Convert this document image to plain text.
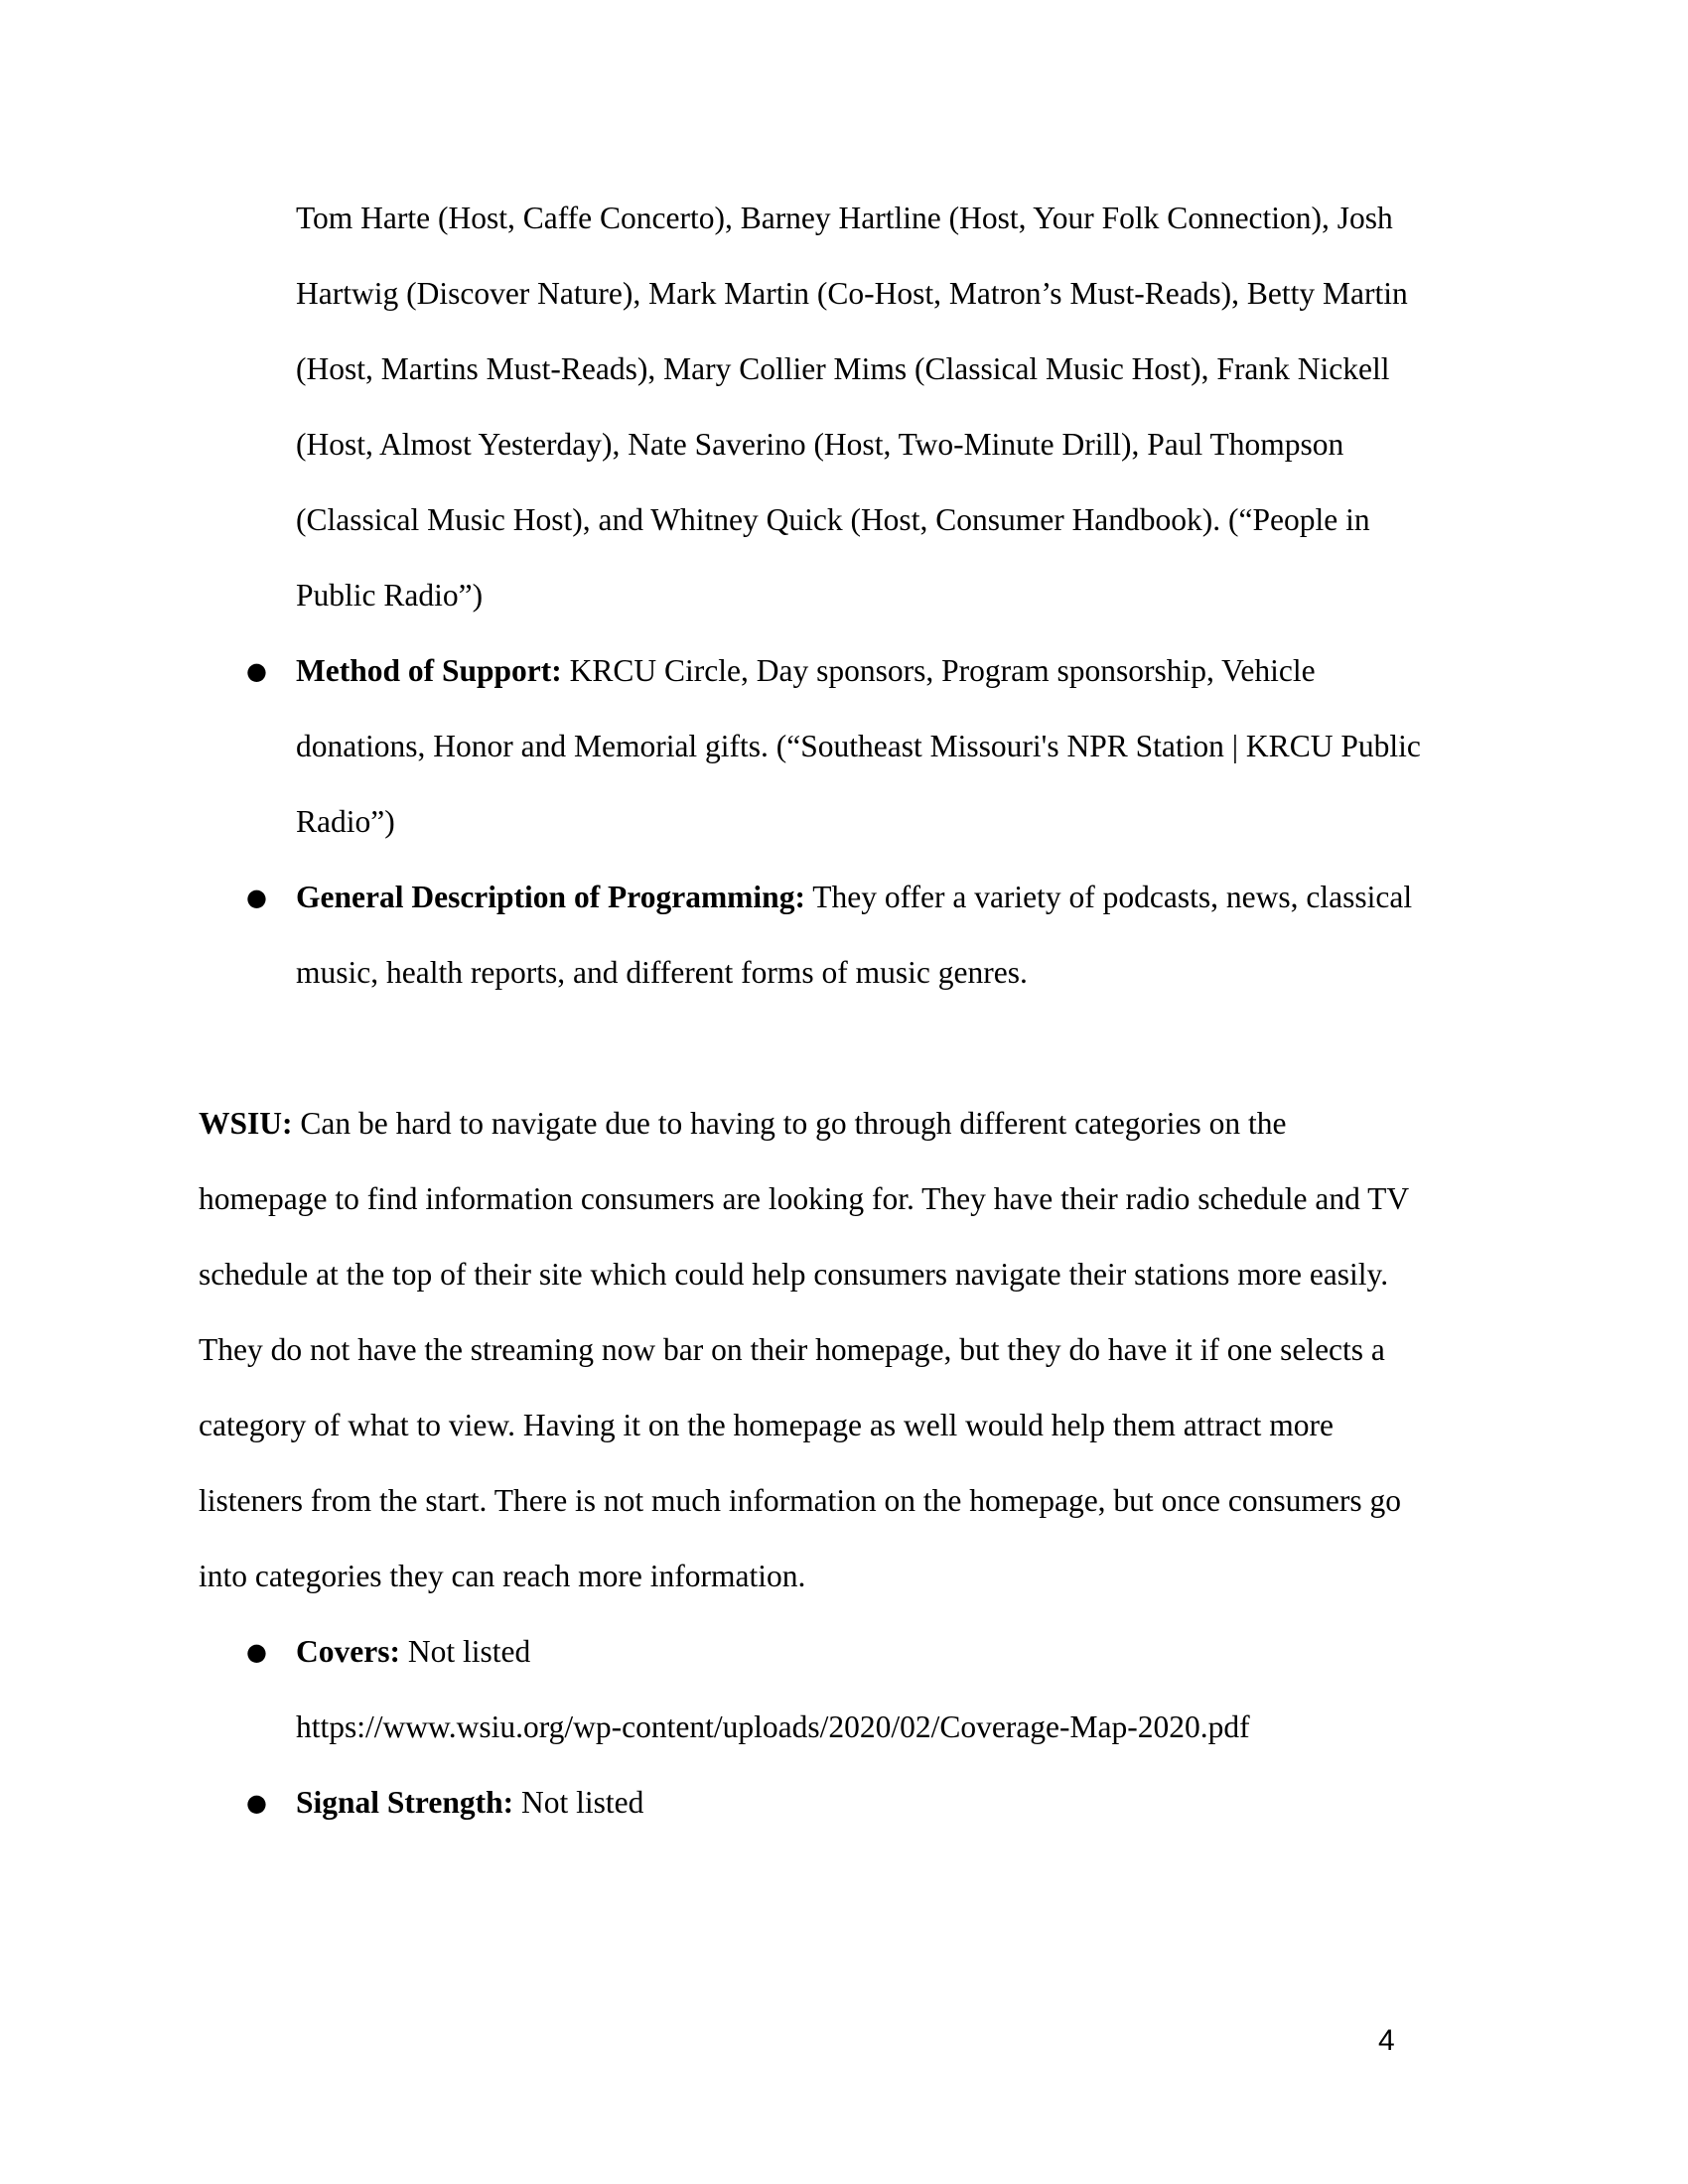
Tom Harte (Host, Caffe Concerto), Barney Hartline (Host, Your Folk Connection), Josh
Hartwig (Discover Nature), Mark Martin (Co-Host, Matron’s Must-Reads), Betty Martin
(Host, Martins Must-Reads), Mary Collier Mims (Classical Music Host), Frank Nickell
(Host, Almost Yesterday), Nate Saverino (Host, Two-Minute Drill), Paul Thompson
(Classical Music Host), and Whitney Quick (Host, Consumer Handbook). (“People in
Public Radio”)
● Method of Support: KRCU Circle, Day sponsors, Program sponsorship, Vehicle
donations, Honor and Memorial gifts. (“Southeast Missouri's NPR Station | KRCU Public
Radio”)
● General Description of Programming: They offer a variety of podcasts, news, classical
music, health reports, and different forms of music genres.
WSIU: Can be hard to navigate due to having to go through different categories on the
homepage to find information consumers are looking for. They have their radio schedule and TV
schedule at the top of their site which could help consumers navigate their stations more easily.
They do not have the streaming now bar on their homepage, but they do have it if one selects a
category of what to view. Having it on the homepage as well would help them attract more
listeners from the start. There is not much information on the homepage, but once consumers go
into categories they can reach more information.
● Covers: Not listed
https://www.wsiu.org/wp-content/uploads/2020/02/Coverage-Map-2020.pdf
● Signal Strength: Not listed
4
